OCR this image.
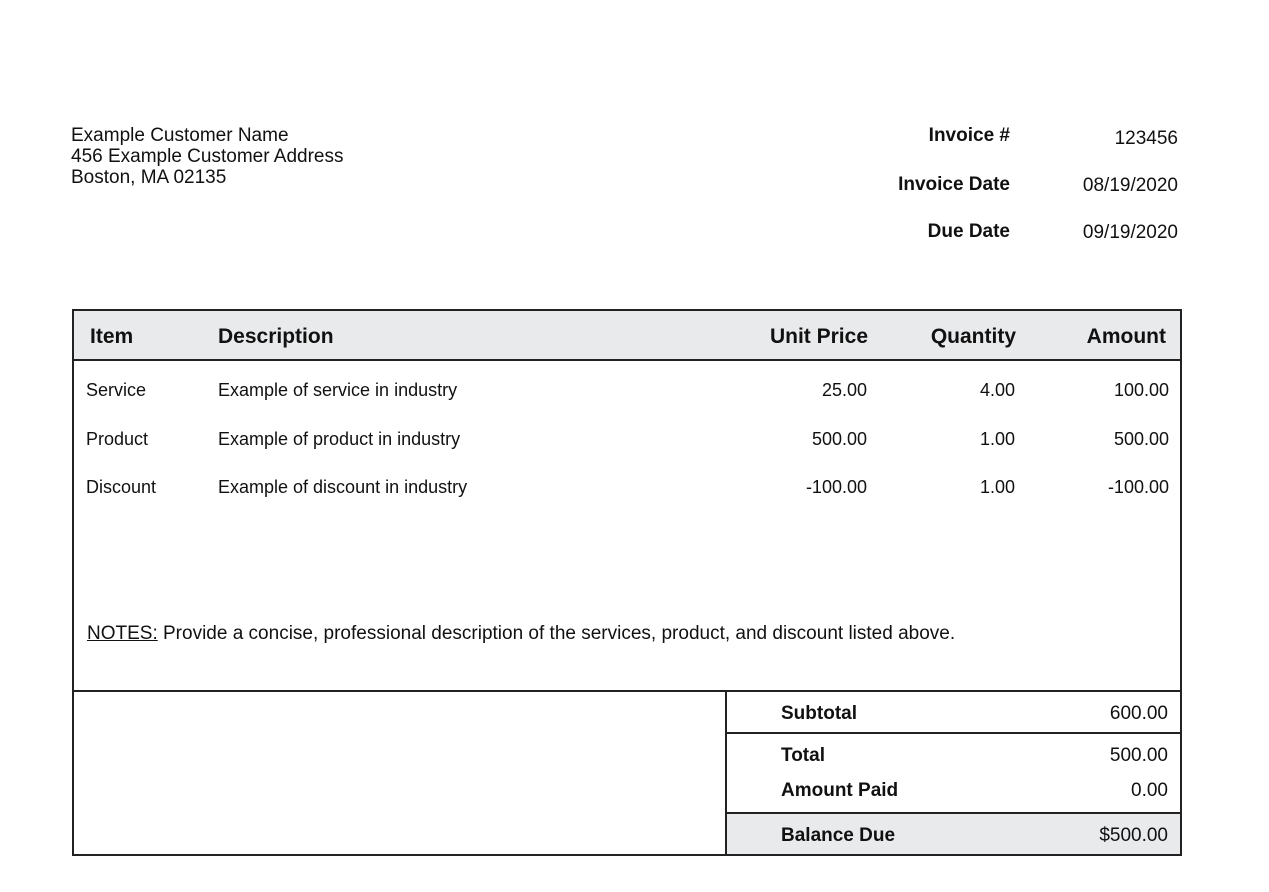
Example Customer Name
456 Example Customer Address
Boston, MA 02135
Invoice #	123456
Invoice Date	08/19/2020
Due Date	09/19/2020
Item	Description	Unit Price	Quantity	Amount
Service	Example of service in industry	25.00	4.00	100.00
Product	Example of product in industry	500.00	1.00	500.00
Discount	Example of discount in industry	-100.00	1.00	-100.00
NOTES: Provide a concise, professional description of the services, product, and discount listed above.
Subtotal	600.00
Total	500.00
Amount Paid	0.00
Balance Due	$500.00
